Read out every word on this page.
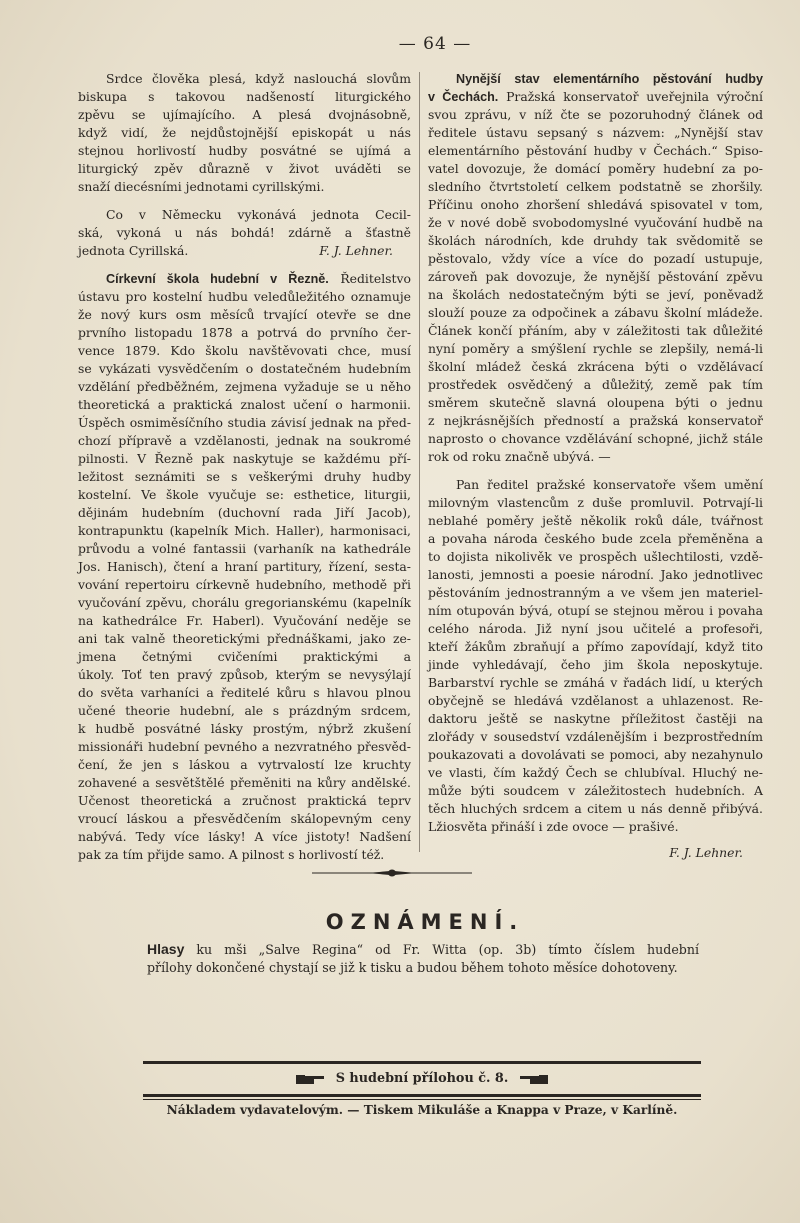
— 64 —
Srdce člověka plesá, když naslouchá slovům
biskupa s takovou nadšeností liturgického
zpěvu se ujímajícího. A plesá dvojnásobně,
když vidí, že nejdůstojnější episkopát u nás
stejnou horlivostí hudby posvátné se ujímá a
liturgický zpěv důrazně v život uváděti se
snaží diecésními jednotami cyrillskými.
Co v Německu vykonává jednota Cecil-
ská, vykoná u nás bohdá! zdárně a šťastně
jednota Cyrillská.	F. J. Lehner.
Církevní škola hudební v Řezně. Ředitelstvo
ústavu pro kostelní hudbu veledůležitého oznamuje
že nový kurs osm měsíců trvající otevře se dne
prvního listopadu 1878 a potrvá do prvního čer-
vence 1879. Kdo školu navštěvovati chce, musí
se vykázati vysvědčením o dostatečném hudebním
vzdělání předběžném, zejmena vyžaduje se u něho
theoretická a praktická znalost učení o harmonii.
Úspěch osmiměsíčního studia závisí jednak na před-
chozí přípravě a vzdělanosti, jednak na soukromé
pilnosti. V Řezně pak naskytuje se každému pří-
ležitost seznámiti se s veškerými druhy hudby
kostelní. Ve škole vyučuje se: esthetice, liturgii,
dějinám hudebním (duchovní rada Jiří Jacob),
kontrapunktu (kapelník Mich. Haller), harmonisaci,
průvodu a volné fantassii (varhaník na kathedrále
Jos. Hanisch), čtení a hraní partitury, řízení, sesta-
vování repertoiru církevně hudebního, methodě při
vyučování zpěvu, chorálu gregorianskému (kapelník
na kathedrálce Fr. Haberl). Vyučování neděje se
ani tak valně theoretickými přednáškami, jako ze-
jmena četnými cvičeními praktickými a
úkoly. Toť ten pravý způsob, kterým se nevysýlají
do světa varhaníci a ředitelé kůru s hlavou plnou
učené theorie hudební, ale s prázdným srdcem,
k hudbě posvátné lásky prostým, nýbrž zkušení
missionáři hudební pevného a nezvratného přesvěd-
čení, že jen s láskou a vytrvalostí lze kruchty
zohavené a sesvětštělé přeměniti na kůry andělské.
Učenost theoretická a zručnost praktická teprv
vroucí láskou a přesvědčením skálopevným ceny
nabývá. Tedy více lásky! A více jistoty! Nadšení
pak za tím přijde samo. A pilnost s horlivostí též.
Nynější stav elementárního pěstování hudby
v Čechách. Pražská konservatoř uveřejnila výroční
svou zprávu, v níž čte se pozoruhodný článek od
ředitele ústavu sepsaný s názvem: „Nynější stav
elementárního pěstování hudby v Čechách.“ Spiso-
vatel dovozuje, že domácí poměry hudební za po-
sledního čtvrtstoletí celkem podstatně se zhoršily.
Příčinu onoho zhoršení shledává spisovatel v tom,
že v nové době svobodomyslné vyučování hudbě na
školách národních, kde druhdy tak svědomitě se
pěstovalo, vždy více a více do pozadí ustupuje,
zároveň pak dovozuje, že nynější pěstování zpěvu
na školách nedostatečným býti se jeví, poněvadž
slouží pouze za odpočinek a zábavu školní mládeže.
Článek končí přáním, aby v záležitosti tak důležité
nyní poměry a smýšlení rychle se zlepšily, nemá-li
školní mládež česká zkrácena býti o vzdělávací
prostředek osvědčený a důležitý, země pak tím
směrem skutečně slavná oloupena býti o jednu
z nejkrásnějších předností a pražská konservatoř
naprosto o chovance vzdělávání schopné, jichž stále
rok od roku značně ubývá. —
Pan ředitel pražské konservatoře všem umění
milovným vlastencům z duše promluvil. Potrvají-li
neblahé poměry ještě několik roků dále, tvářnost
a povaha národa českého bude zcela přeměněna a
to dojista nikolivěk ve prospěch ušlechtilosti, vzdě-
lanosti, jemnosti a poesie národní. Jako jednotlivec
pěstováním jednostranným a ve všem jen materiel-
ním otupován bývá, otupí se stejnou měrou i povaha
celého národa. Již nyní jsou učitelé a profesoři,
kteří žákům zbraňují a přímo zapovídají, když tito
jinde vyhledávají, čeho jim škola neposkytuje.
Barbarství rychle se zmáhá v řadách lidí, u kterých
obyčejně se hledává vzdělanost a uhlazenost. Re-
daktoru ještě se naskytne příležitost častěji na
zlořády v sousedství vzdálenějším i bezprostředním
poukazovati a dovolávati se pomoci, aby nezahynulo
ve vlasti, čím každý Čech se chlubíval. Hluchý ne-
může býti soudcem v záležitostech hudebních. A
těch hluchých srdcem a citem u nás denně přibývá.
Lžiosvěta přináší i zde ovoce — prašivé.
F. J. Lehner.
OZNÁMENÍ.
Hlasy ku mši „Salve Regina“ od Fr. Witta (op. 3b) tímto číslem hudební
přílohy dokončené chystají se již k tisku a budou během tohoto měsíce dohotoveny.
S hudební přílohou č. 8.
Nákladem vydavatelovým. — Tiskem Mikuláše a Knappa v Praze, v Karlíně.
